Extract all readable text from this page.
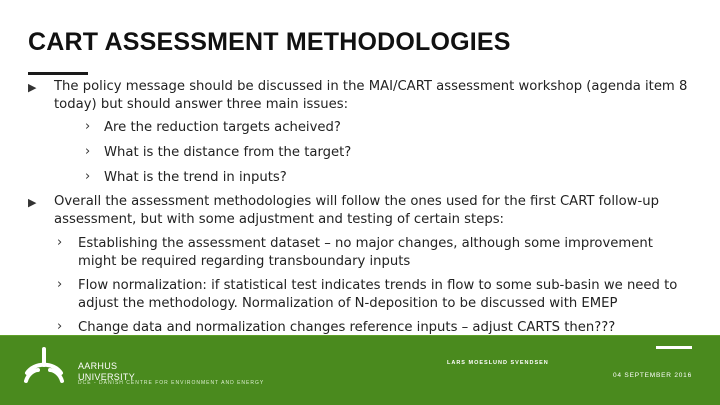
CART ASSESSMENT METHODOLOGIES
▶ The policy message should be discussed in the MAI/CART assessment workshop (agenda item 8 today) but should answer three main issues:
› Are the reduction targets acheived?
› What is the distance from the target?
› What is the trend in inputs?
▶ Overall the assessment methodologies will follow the ones used for the first CART follow-up assessment, but with some adjustment and testing of certain steps:
› Establishing the assessment dataset – no major changes, although some improvement might be required regarding transboundary inputs
› Flow normalization: if statistical test indicates trends in flow to some sub-basin we need to adjust the methodology. Normalization of N-deposition to be discussed with EMEP
› Change data and normalization changes reference inputs – adjust CARTS then???
AARHUS
UNIVERSITY
DCE - DANISH CENTRE FOR ENVIRONMENT AND ENERGY
LARS MOESLUND SVENDSEN
04 SEPTEMBER 2016
